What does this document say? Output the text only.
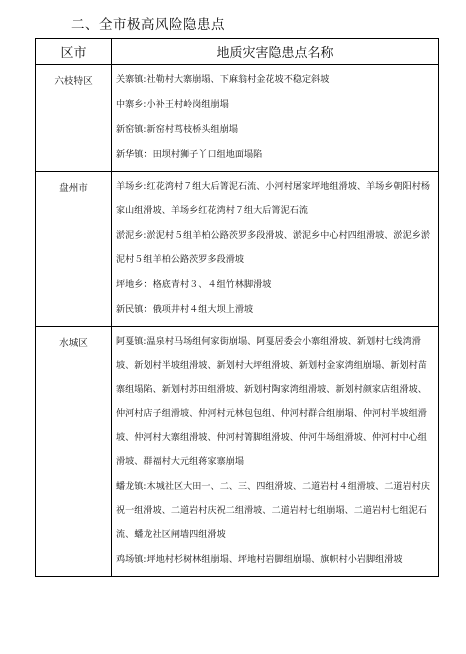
二、全市极高风险隐患点
区市	地质灾害隐患点名称

六枝特区	关寨镇:社勒村大寨崩塌、下麻翁村金花坡不稳定斜坡
中寨乡:小补王村岭岗组崩塌
新窑镇:新窑村茑枝桥头组崩塌
新华镇：田坝村狮子丫口组地面塌陷

盘州市	羊场乡:红花湾村７组大后箐泥石流、小河村屠家坪地组滑坡、羊场乡朝阳村杨家山组滑坡、羊场乡红花湾村７组大后箐泥石流
淤泥乡:淤泥村５组羊柏公路茨罗多段滑坡、淤泥乡中心村四组滑坡、淤泥乡淤泥村５组羊柏公路茨罗多段滑坡
坪地乡：格底青村３、４组竹林脚滑坡
新民镇：俄项井村４组大坝上滑坡

水城区	阿戛镇:温泉村马场组何家街崩塌、阿戛居委会小寨组滑坡、新划村七线湾滑坡、新划村半坡组滑坡、新划村大坪组滑坡、新划村金家湾组崩塌、新划村苗寨组塌陷、新划村苏田组滑坡、新划村陶家湾组滑坡、新划村颜家店组滑坡、仲河村店子组滑坡、仲河村元林包包组、仲河村群合组崩塌、仲河村半坡组滑坡、仲河村大寨组滑坡、仲河村箐脚组滑坡、仲河牛场组滑坡、仲河村中心组滑坡、群福村大元组蒋家寨崩塌
蟠龙镇:木城社区大田一、二、三、四组滑坡、二道岩村４组滑坡、二道岩村庆祝一组滑坡、二道岩村庆祝二组滑坡、二道岩村七组崩塌、二道岩村七组泥石流、蟠龙社区闸墙四组滑坡
鸡场镇:坪地村杉树林组崩塌、坪地村岩脚组崩塌、旗帜村小岩脚组滑坡
